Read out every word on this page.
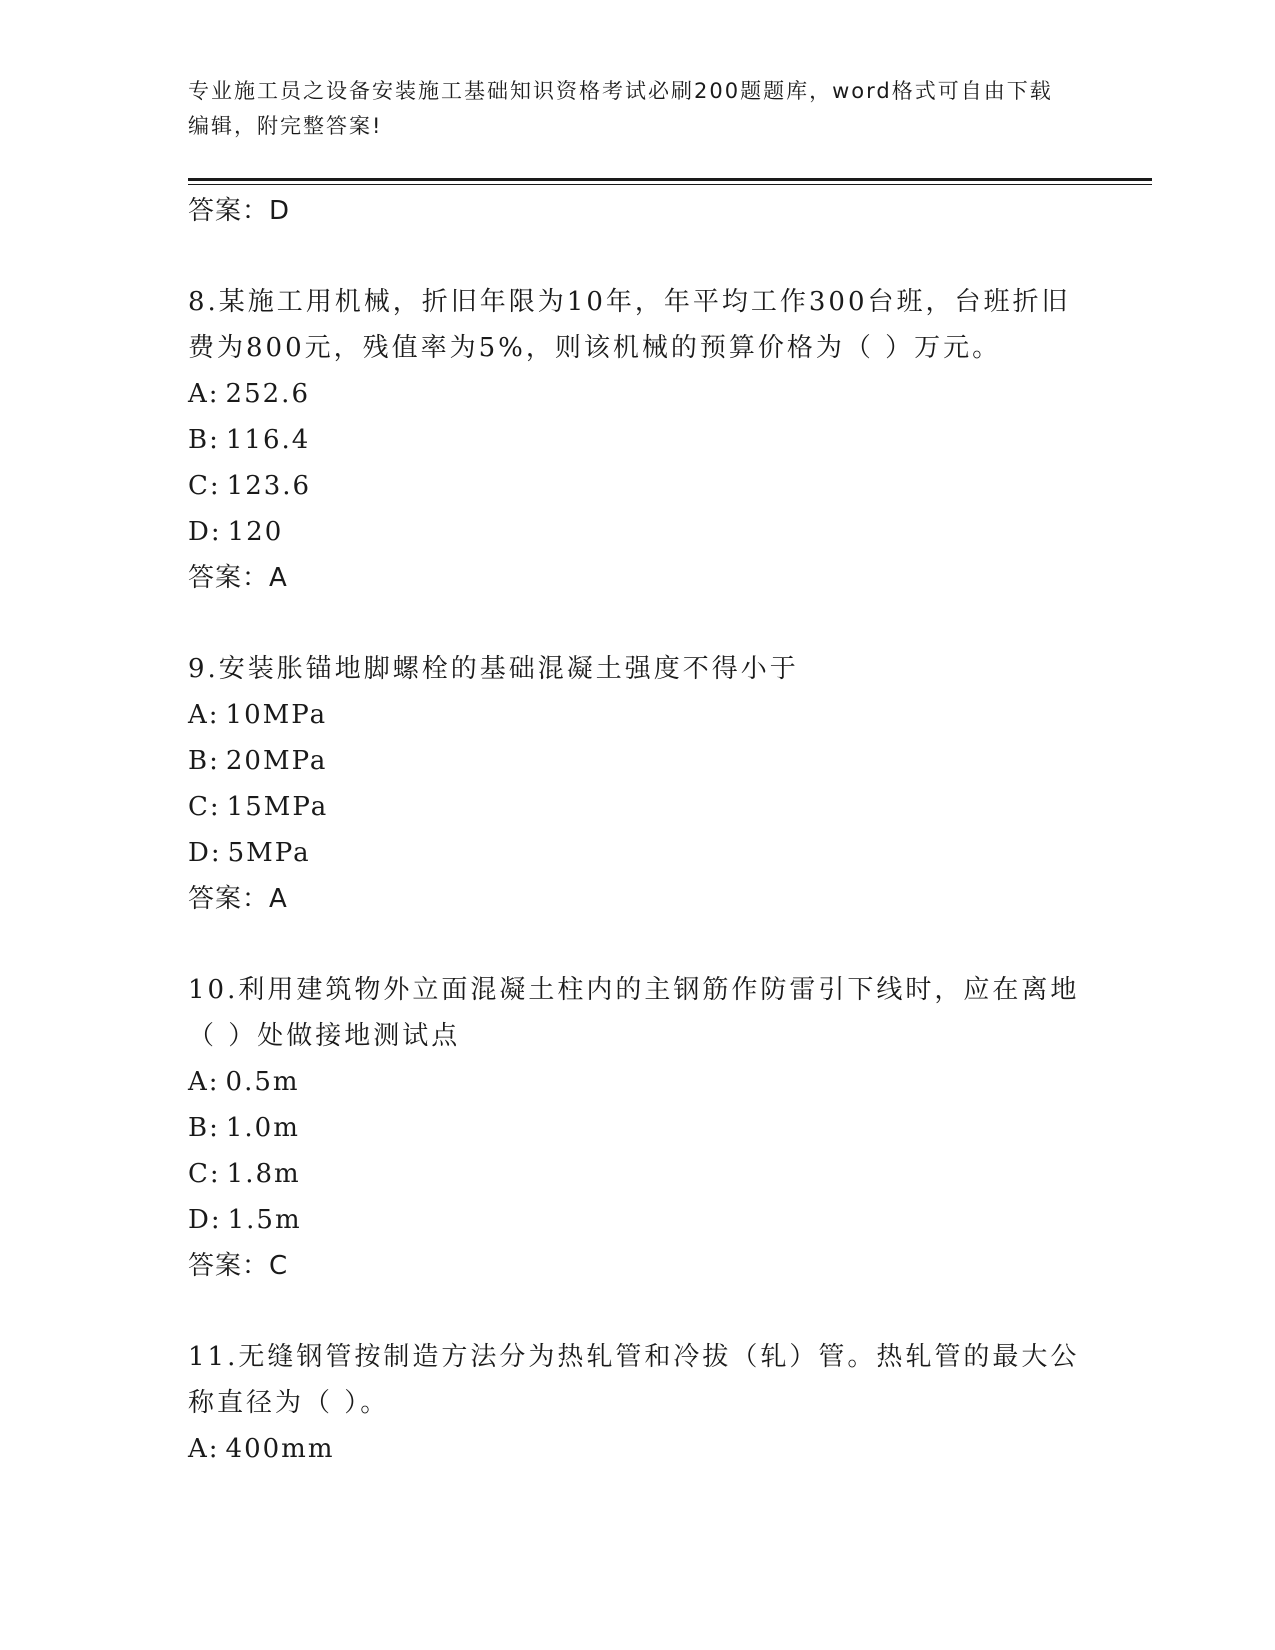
专业施工员之设备安装施工基础知识资格考试必刷200题题库，word格式可自由下载编辑，附完整答案!

答案：D

8.某施工用机械，折旧年限为10年，年平均工作300台班，台班折旧费为800元，残值率为5%，则该机械的预算价格为（ ）万元。

A: 252.6
B: 116.4
C: 123.6
D: 120

答案：A

9.安装胀锚地脚螺栓的基础混凝土强度不得小于

A: 10MPa
B: 20MPa
C: 15MPa
D: 5MPa

答案：A

10.利用建筑物外立面混凝土柱内的主钢筋作防雷引下线时，应在离地（ ）处做接地测试点

A: 0.5m
B: 1.0m
C: 1.8m
D: 1.5m

答案：C

11.无缝钢管按制造方法分为热轧管和冷拔（轧）管。热轧管的最大公称直径为（ ）。

A: 400mm
